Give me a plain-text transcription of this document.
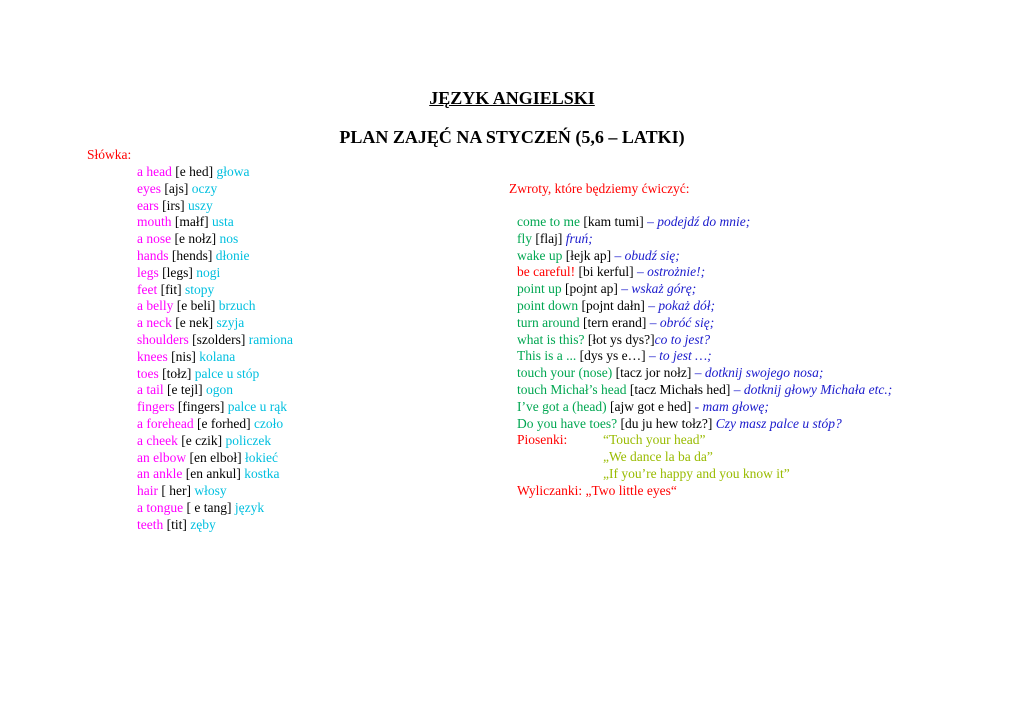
JĘZYK ANGIELSKI
PLAN ZAJĘĆ NA STYCZEŃ (5,6 – LATKI)

Słówka:

a head [e hed] głowa
eyes [ajs] oczy
ears [irs] uszy
mouth [małf] usta
a nose [e nołz] nos
hands [hends] dłonie
legs [legs] nogi
feet [fit] stopy
a belly [e beli] brzuch
a neck [e nek] szyja
shoulders [szolders] ramiona
knees [nis] kolana
toes [tołz] palce u stóp
a tail [e tejl] ogon
fingers [fingers] palce u rąk
a forehead [e forhed] czoło
a cheek [e czik] policzek
an elbow [en elboł] łokieć
an ankle [en ankul] kostka
hair [ her] włosy
a tongue [ e tang] język
teeth [tit] zęby

Zwroty, które będziemy ćwiczyć:

come to me [kam tumi] – podejdź do mnie;
fly [flaj] fruń;
wake up [łejk ap] – obudź się;
be careful! [bi kerful] – ostrożnie!;
point up [pojnt ap] – wskaż górę;
point down [pojnt dałn] – pokaż dół;
turn around [tern erand] – obróć się;
what is this? [łot ys dys?]co to jest?
This is a ... [dys ys e…] – to jest …;
touch your (nose) [tacz jor nołz] – dotknij swojego nosa;
touch Michał’s head [tacz Michałs hed] – dotknij głowy Michała etc.;
I’ve got a (head) [ajw got e hed] - mam głowę;
Do you have toes? [du ju hew tołz?] Czy masz palce u stóp?
Piosenki:	“Touch your head”
„We dance la ba da”
„If you’re happy and you know it”
Wyliczanki: „Two little eyes“
